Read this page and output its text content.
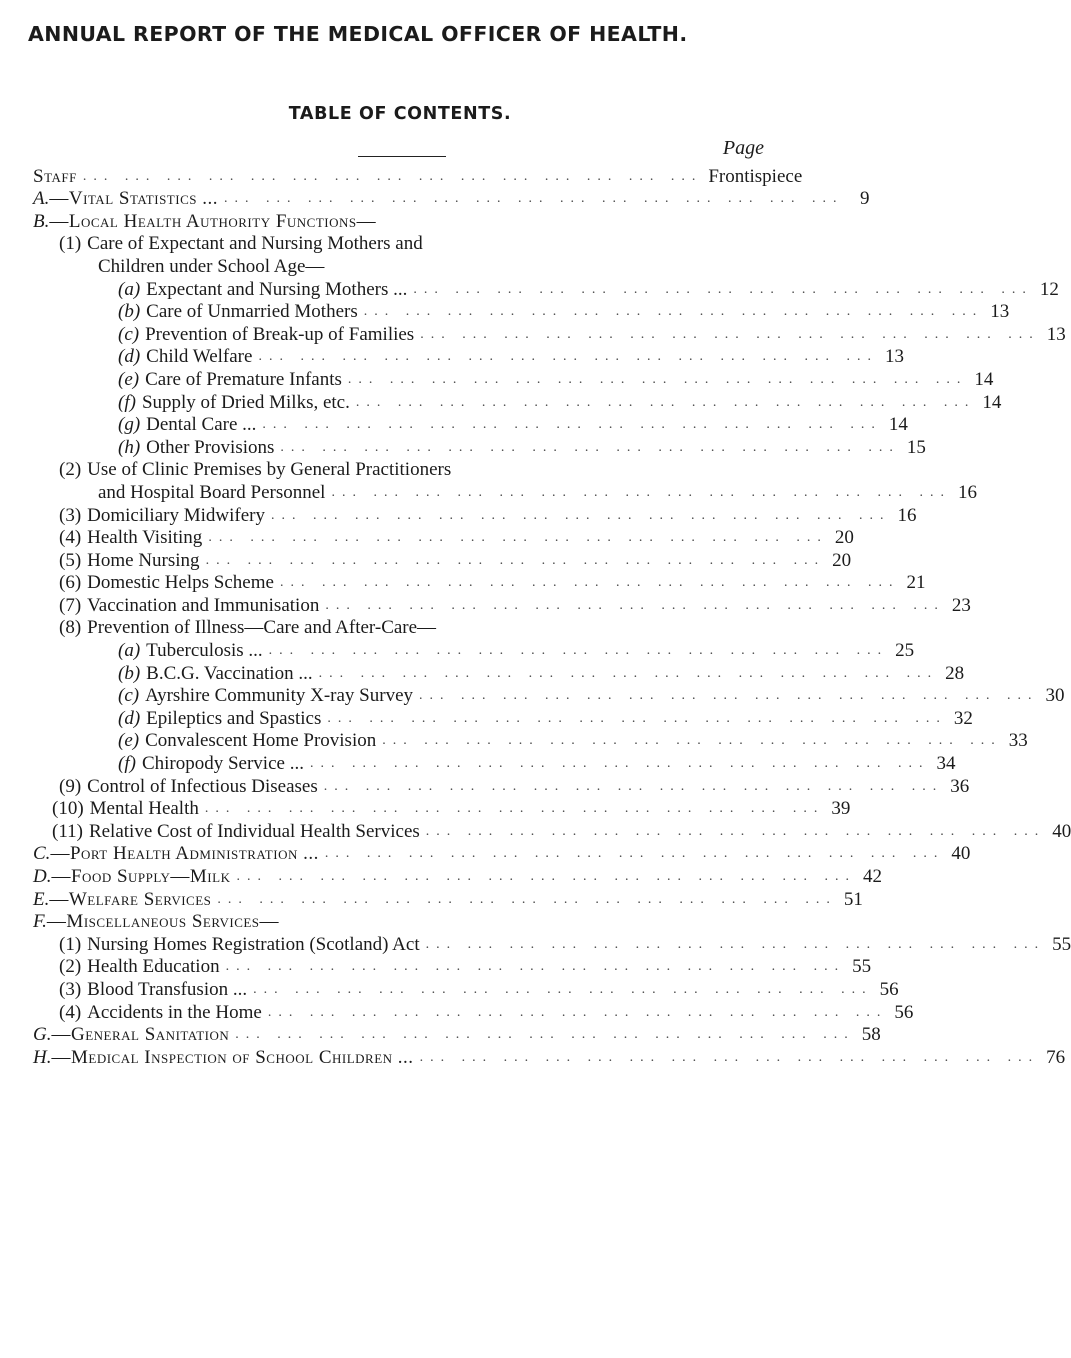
ANNUAL REPORT OF THE MEDICAL OFFICER OF HEALTH.
TABLE OF CONTENTS.
Page
Staff ... ... ... ... ... ... ... ... ... ... ... ... ... ... ... Frontispiece
A. —Vital Statistics ... ... ... ... ... ... ... ... ... ... ... ... ... ... ... ... 9
B. —Local Health Authority Functions—
(1) Care of Expectant and Nursing Mothers and
Children under School Age—
(a) Expectant and Nursing Mothers ... ... ... ... ... ... ... ... ... ... ... ... ... ... ... ... 12
(b) Care of Unmarried Mothers ... ... ... ... ... ... ... ... ... ... ... ... ... ... ... 13
(c) Prevention of Break-up of Families ... ... ... ... ... ... ... ... ... ... ... ... ... ... ... 13
(d) Child Welfare ... ... ... ... ... ... ... ... ... ... ... ... ... ... ... 13
(e) Care of Premature Infants ... ... ... ... ... ... ... ... ... ... ... ... ... ... ... 14
(f) Supply of Dried Milks, etc. ... ... ... ... ... ... ... ... ... ... ... ... ... ... ... 14
(g) Dental Care ... ... ... ... ... ... ... ... ... ... ... ... ... ... ... ... 14
(h) Other Provisions ... ... ... ... ... ... ... ... ... ... ... ... ... ... ... 15
(2) Use of Clinic Premises by General Practitioners
and Hospital Board Personnel ... ... ... ... ... ... ... ... ... ... ... ... ... ... ... 16
(3) Domiciliary Midwifery ... ... ... ... ... ... ... ... ... ... ... ... ... ... ... 16
(4) Health Visiting ... ... ... ... ... ... ... ... ... ... ... ... ... ... ... 20
(5) Home Nursing ... ... ... ... ... ... ... ... ... ... ... ... ... ... ... 20
(6) Domestic Helps Scheme ... ... ... ... ... ... ... ... ... ... ... ... ... ... ... 21
(7) Vaccination and Immunisation ... ... ... ... ... ... ... ... ... ... ... ... ... ... ... 23
(8) Prevention of Illness—Care and After-Care—
(a) Tuberculosis ... ... ... ... ... ... ... ... ... ... ... ... ... ... ... ... 25
(b) B.C.G. Vaccination ... ... ... ... ... ... ... ... ... ... ... ... ... ... ... ... 28
(c) Ayrshire Community X-ray Survey ... ... ... ... ... ... ... ... ... ... ... ... ... ... ... 30
(d) Epileptics and Spastics ... ... ... ... ... ... ... ... ... ... ... ... ... ... ... 32
(e) Convalescent Home Provision ... ... ... ... ... ... ... ... ... ... ... ... ... ... ... 33
(f) Chiropody Service ... ... ... ... ... ... ... ... ... ... ... ... ... ... ... ... 34
(9) Control of Infectious Diseases ... ... ... ... ... ... ... ... ... ... ... ... ... ... ... 36
(10) Mental Health ... ... ... ... ... ... ... ... ... ... ... ... ... ... ... 39
(11) Relative Cost of Individual Health Services ... ... ... ... ... ... ... ... ... ... ... ... ... ... ... 40
C. —Port Health Administration ... ... ... ... ... ... ... ... ... ... ... ... ... ... ... ... 40
D. —Food Supply—Milk ... ... ... ... ... ... ... ... ... ... ... ... ... ... ... 42
E. —Welfare Services ... ... ... ... ... ... ... ... ... ... ... ... ... ... ... 51
F. —Miscellaneous Services—
(1) Nursing Homes Registration (Scotland) Act ... ... ... ... ... ... ... ... ... ... ... ... ... ... ... 55
(2) Health Education ... ... ... ... ... ... ... ... ... ... ... ... ... ... ... 55
(3) Blood Transfusion ... ... ... ... ... ... ... ... ... ... ... ... ... ... ... ... 56
(4) Accidents in the Home ... ... ... ... ... ... ... ... ... ... ... ... ... ... ... 56
G. —General Sanitation ... ... ... ... ... ... ... ... ... ... ... ... ... ... ... 58
H. —Medical Inspection of School Children ... ... ... ... ... ... ... ... ... ... ... ... ... ... ... ... 76
